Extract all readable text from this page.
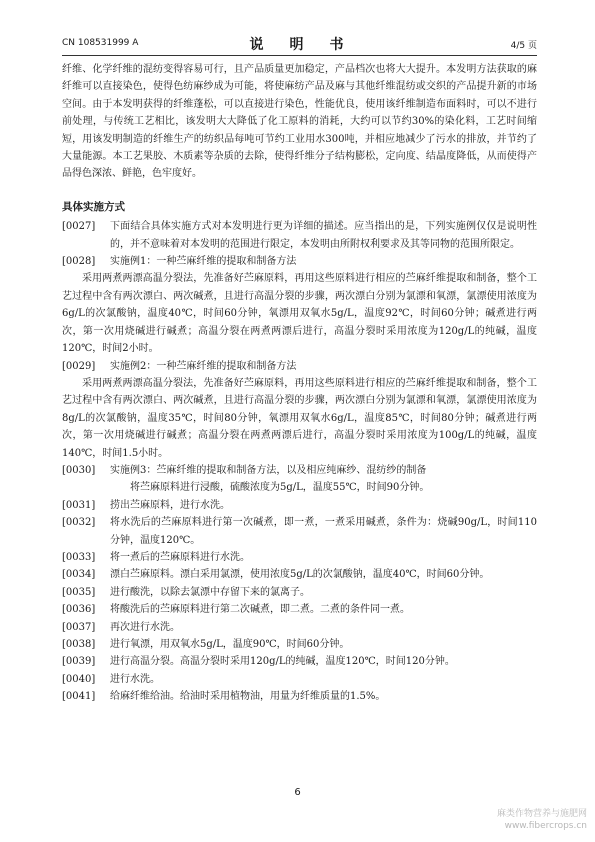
CN 108531999 A	说　明　书	4/5 页

纤维、化学纤维的混纺变得容易可行，且产品质量更加稳定，产品档次也将大大提升。本发明方法获取的麻纤维可以直接染色，使得色纺麻纱成为可能，将使麻纺产品及麻与其他纤维混纺或交织的产品提升新的市场空间。由于本发明获得的纤维蓬松，可以直接进行染色，性能优良，使用该纤维制造布面料时，可以不进行前处理，与传统工艺相比，该发明大大降低了化工原料的消耗，大约可以节约30%的染化料，工艺时间缩短，用该发明制造的纤维生产的纺织品每吨可节约工业用水300吨，并相应地减少了污水的排放，并节约了大量能源。本工艺果胶、木质素等杂质的去除，使得纤维分子结构膨松，定向度、结晶度降低，从而使得产品得色深浓、鲜艳，色牢度好。

具体实施方式
[0027]	下面结合具体实施方式对本发明进行更为详细的描述。应当指出的是，下列实施例仅仅是说明性的，并不意味着对本发明的范围进行限定，本发明由所附权利要求及其等同物的范围所限定。
[0028]	实施例1：一种苎麻纤维的提取和制备方法

采用两煮两漂高温分裂法，先准备好苎麻原料，再用这些原料进行相应的苎麻纤维提取和制备，整个工艺过程中含有两次漂白、两次碱煮，且进行高温分裂的步骤，两次漂白分别为氯漂和氧漂，氯漂使用浓度为6g/L的次氯酸钠，温度40℃，时间60分钟，氧漂用双氧水5g/L，温度92℃，时间60分钟；碱煮进行两次，第一次用烧碱进行碱煮；高温分裂在两煮两漂后进行，高温分裂时采用浓度为120g/L的纯碱，温度120℃，时间2小时。

[0029]	实施例2：一种苎麻纤维的提取和制备方法

采用两煮两漂高温分裂法，先准备好苎麻原料，再用这些原料进行相应的苎麻纤维提取和制备，整个工艺过程中含有两次漂白、两次碱煮，且进行高温分裂的步骤，两次漂白分别为氯漂和氧漂，氯漂使用浓度为8g/L的次氯酸钠，温度35℃，时间80分钟，氧漂用双氧水6g/L，温度85℃，时间80分钟；碱煮进行两次，第一次用烧碱进行碱煮；高温分裂在两煮两漂后进行，高温分裂时采用浓度为100g/L的纯碱，温度140℃，时间1.5小时。

[0030]	实施例3：苎麻纤维的提取和制备方法，以及相应纯麻纱、混纺纱的制备

将苎麻原料进行浸酸，硫酸浓度为5g/L，温度55℃，时间90分钟。

[0031]	捞出苎麻原料，进行水洗。
[0032]	将水洗后的苎麻原料进行第一次碱煮，即一煮，一煮采用碱煮，条件为：烧碱90g/L，时间110分钟，温度120℃。
[0033]	将一煮后的苎麻原料进行水洗。
[0034]	漂白苎麻原料。漂白采用氯漂，使用浓度5g/L的次氯酸钠，温度40℃，时间60分钟。
[0035]	进行酸洗，以除去氯漂中存留下来的氯离子。
[0036]	将酸洗后的苎麻原料进行第二次碱煮，即二煮。二煮的条件同一煮。
[0037]	再次进行水洗。
[0038]	进行氧漂，用双氧水5g/L，温度90℃，时间60分钟。
[0039]	进行高温分裂。高温分裂时采用120g/L的纯碱，温度120℃，时间120分钟。
[0040]	进行水洗。
[0041]	给麻纤维给油。给油时采用植物油，用量为纤维质量的1.5%。
6
麻类作物营养与施肥网
www.fibercrops.cn
